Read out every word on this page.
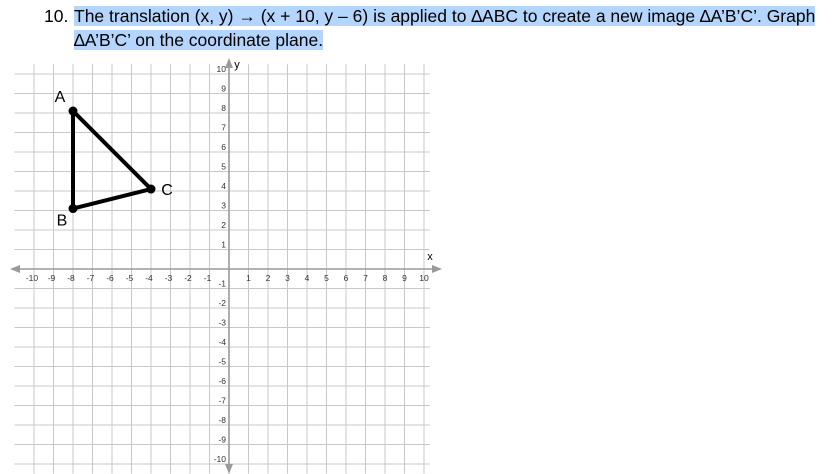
10. The translation (x, y) → (x + 10, y – 6) is applied to ∆ABC to create a new image ∆A’B’C’. Graph
∆A’B’C’ on the coordinate plane.
x
y
-10 -9 -8 -7 -6 -5 -4 -3 -2 -1	1 2 3 4 5 6 7 8 9 10
10
9
8
7
6
5
4
3
2
1
-1
-2
-3
-4
-5
-6
-7
-8
-9
-10
A
B
C
